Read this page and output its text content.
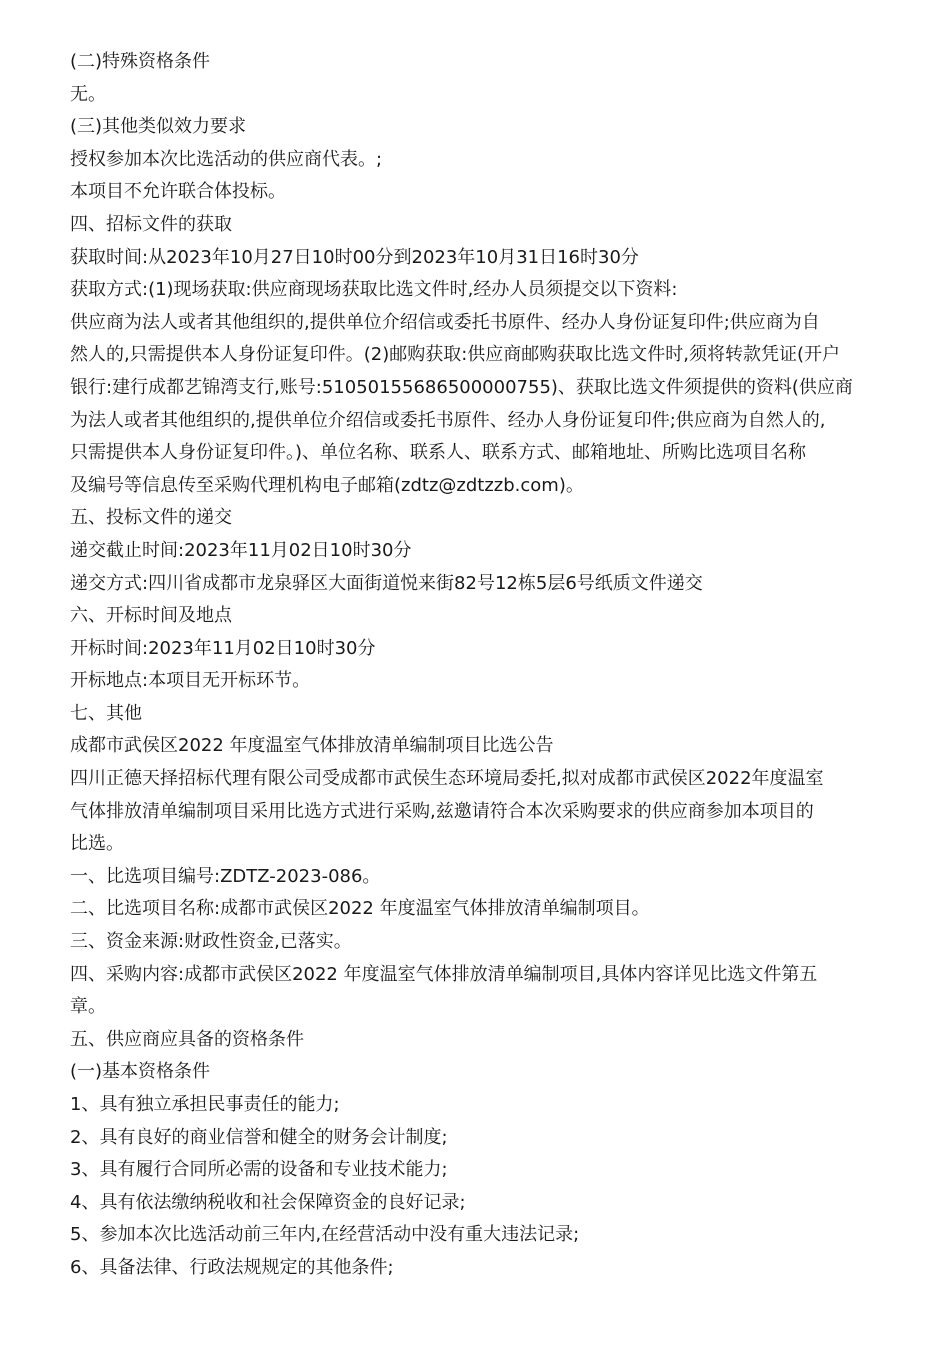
(二)特殊资格条件

无。

(三)其他类似效力要求

授权参加本次比选活动的供应商代表。;

本项目不允许联合体投标。

四、招标文件的获取

获取时间:从2023年10月27日10时00分到2023年10月31日16时30分

获取方式:(1)现场获取:供应商现场获取比选文件时,经办人员须提交以下资料:

供应商为法人或者其他组织的,提供单位介绍信或委托书原件、经办人身份证复印件;供应商为自
然人的,只需提供本人身份证复印件。(2)邮购获取:供应商邮购获取比选文件时,须将转款凭证(开户
银行:建行成都艺锦湾支行,账号:51050155686500000755)、获取比选文件须提供的资料(供应商
为法人或者其他组织的,提供单位介绍信或委托书原件、经办人身份证复印件;供应商为自然人的,
只需提供本人身份证复印件。)、单位名称、联系人、联系方式、邮箱地址、所购比选项目名称
及编号等信息传至采购代理机构电子邮箱(zdtz@zdtzzb.com)。

五、投标文件的递交

递交截止时间:2023年11月02日10时30分

递交方式:四川省成都市龙泉驿区大面街道悦来街82号12栋5层6号纸质文件递交

六、开标时间及地点

开标时间:2023年11月02日10时30分

开标地点:本项目无开标环节。

七、其他

成都市武侯区2022 年度温室气体排放清单编制项目比选公告

四川正德天择招标代理有限公司受成都市武侯生态环境局委托,拟对成都市武侯区2022年度温室
气体排放清单编制项目采用比选方式进行采购,兹邀请符合本次采购要求的供应商参加本项目的
比选。

一、比选项目编号:ZDTZ-2023-086。

二、比选项目名称:成都市武侯区2022 年度温室气体排放清单编制项目。

三、资金来源:财政性资金,已落实。

四、采购内容:成都市武侯区2022 年度温室气体排放清单编制项目,具体内容详见比选文件第五
章。

五、供应商应具备的资格条件

(一)基本资格条件

1、具有独立承担民事责任的能力;

2、具有良好的商业信誉和健全的财务会计制度;

3、具有履行合同所必需的设备和专业技术能力;

4、具有依法缴纳税收和社会保障资金的良好记录;

5、参加本次比选活动前三年内,在经营活动中没有重大违法记录;

6、具备法律、行政法规规定的其他条件;
